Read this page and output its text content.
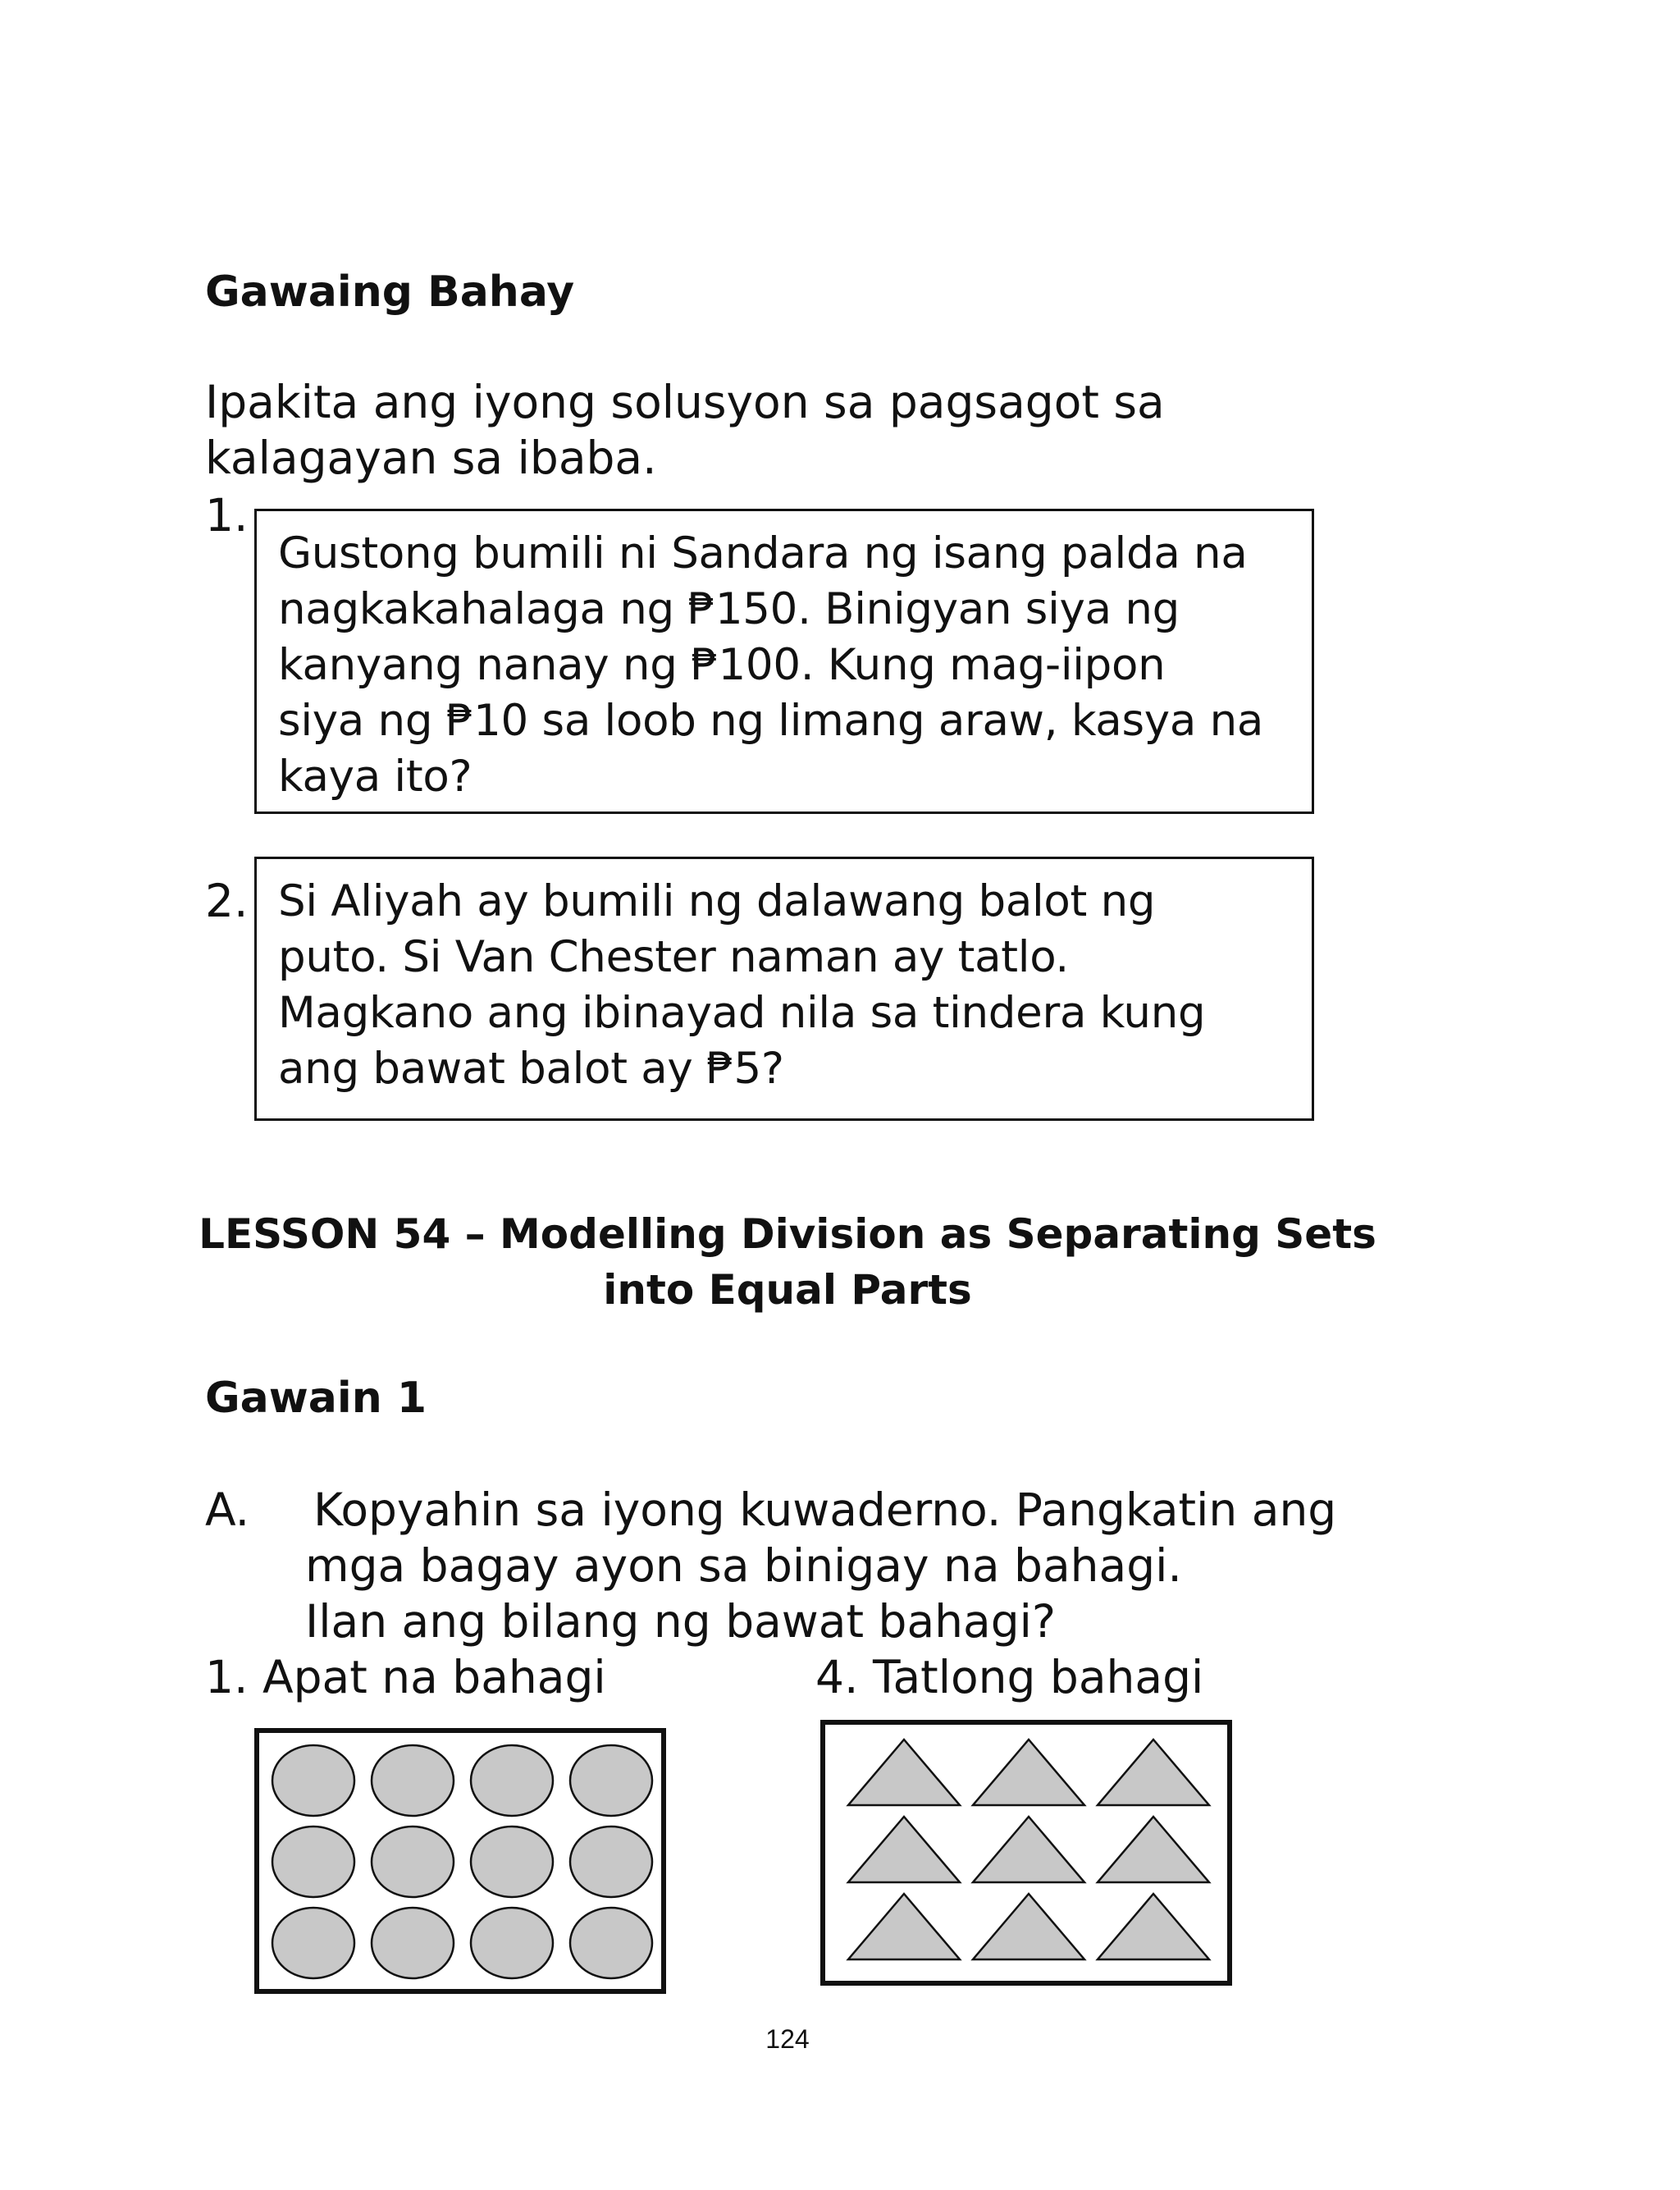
Gawaing Bahay
Ipakita ang iyong solusyon sa pagsagot sa
kalagayan sa ibaba.
1.
Gustong bumili ni Sandara ng isang palda na
nagkakahalaga ng ₱150. Binigyan siya ng
kanyang nanay ng ₱100. Kung mag-iipon
siya ng ₱10 sa loob ng limang araw, kasya na
kaya ito?
2. Si Aliyah ay bumili ng dalawang balot ng
puto. Si Van Chester naman ay tatlo.
Magkano ang ibinayad nila sa tindera kung
ang bawat balot ay ₱5?
LESSON 54 – Modelling Division as Separating Sets
into Equal Parts
Gawain 1
A. Kopyahin sa iyong kuwaderno. Pangkatin ang
mga bagay ayon sa binigay na bahagi.
Ilan ang bilang ng bawat bahagi?
1. Apat na bahagi	4. Tatlong bahagi
124
